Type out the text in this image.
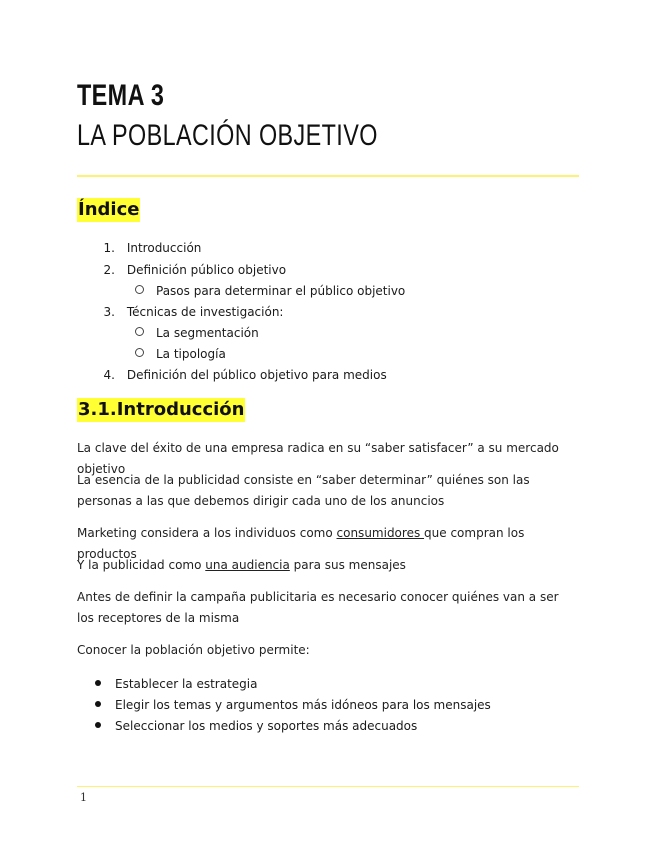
TEMA 3
LA POBLACIÓN OBJETIVO
Índice
1. Introducción
2. Definición público objetivo
Pasos para determinar el público objetivo
3. Técnicas de investigación:
La segmentación
La tipología
4. Definición del público objetivo para medios
3.1.Introducción
La clave del éxito de una empresa radica en su “saber satisfacer” a su mercado objetivo
La esencia de la publicidad consiste en “saber determinar” quiénes son las personas a las que debemos dirigir cada uno de los anuncios
Marketing considera a los individuos como consumidores que compran los productos
Y la publicidad como una audiencia para sus mensajes
Antes de definir la campaña publicitaria es necesario conocer quiénes van a ser los receptores de la misma
Conocer la población objetivo permite:
Establecer la estrategia
Elegir los temas y argumentos más idóneos para los mensajes
Seleccionar los medios y soportes más adecuados
1
